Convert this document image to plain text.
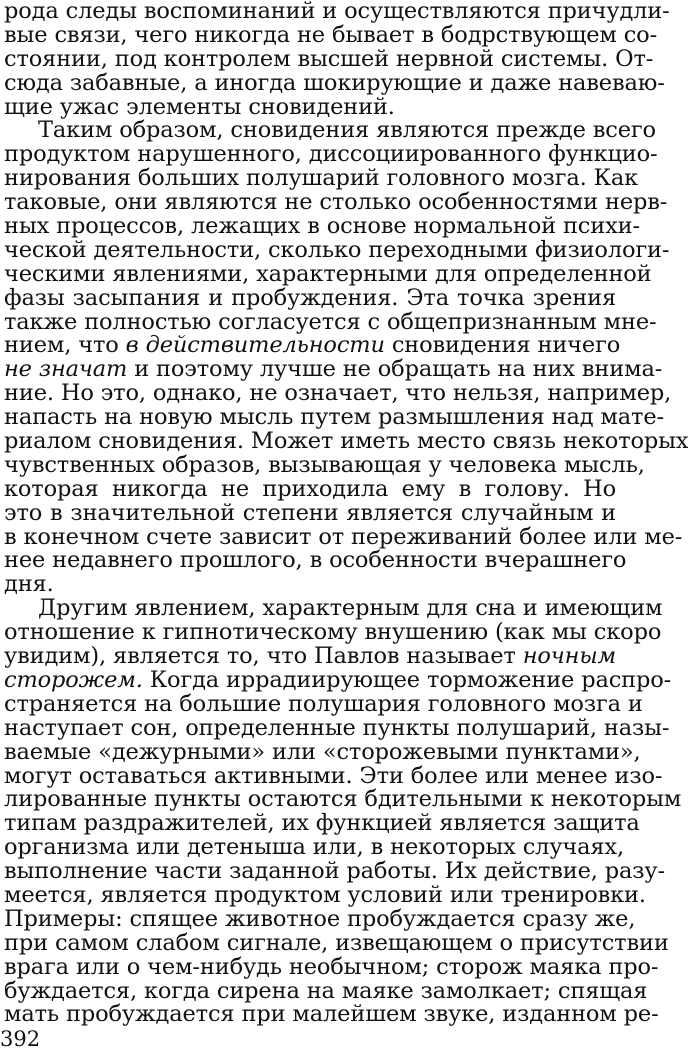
рода следы воспоминаний и осуществляются причудли-
вые связи, чего никогда не бывает в бодрствующем со-
стоянии, под контролем высшей нервной системы. От-
сюда забавные, а иногда шокирующие и даже навеваю-
щие ужас элементы сновидений.
Таким образом, сновидения являются прежде всего
продуктом нарушенного, диссоциированного функцио-
нирования больших полушарий головного мозга. Как
таковые, они являются не столько особенностями нерв-
ных процессов, лежащих в основе нормальной психи-
ческой деятельности, сколько переходными физиологи-
ческими явлениями, характерными для определенной
фазы засыпания и пробуждения. Эта точка зрения
также полностью согласуется с общепризнанным мне-
нием, что в действительности сновидения ничего
не значат и поэтому лучше не обращать на них внима-
ние. Но это, однако, не означает, что нельзя, например,
напасть на новую мысль путем размышления над мате-
риалом сновидения. Может иметь место связь некоторых
чувственных образов, вызывающая у человека мысль,
которая никогда не приходила ему в голову. Но
это в значительной степени является случайным и
в конечном счете зависит от переживаний более или ме-
нее недавнего прошлого, в особенности вчерашнего
дня.
Другим явлением, характерным для сна и имеющим
отношение к гипнотическому внушению (как мы скоро
увидим), является то, что Павлов называет ночным
сторожем. Когда иррадиирующее торможение распро-
страняется на большие полушария головного мозга и
наступает сон, определенные пункты полушарий, назы-
ваемые «дежурными» или «сторожевыми пунктами»,
могут оставаться активными. Эти более или менее изо-
лированные пункты остаются бдительными к некоторым
типам раздражителей, их функцией является защита
организма или детеныша или, в некоторых случаях,
выполнение части заданной работы. Их действие, разу-
меется, является продуктом условий или тренировки.
Примеры: спящее животное пробуждается сразу же,
при самом слабом сигнале, извещающем о присутствии
врага или о чем-нибудь необычном; сторож маяка про-
буждается, когда сирена на маяке замолкает; спящая
мать пробуждается при малейшем звуке, изданном ре-
392
